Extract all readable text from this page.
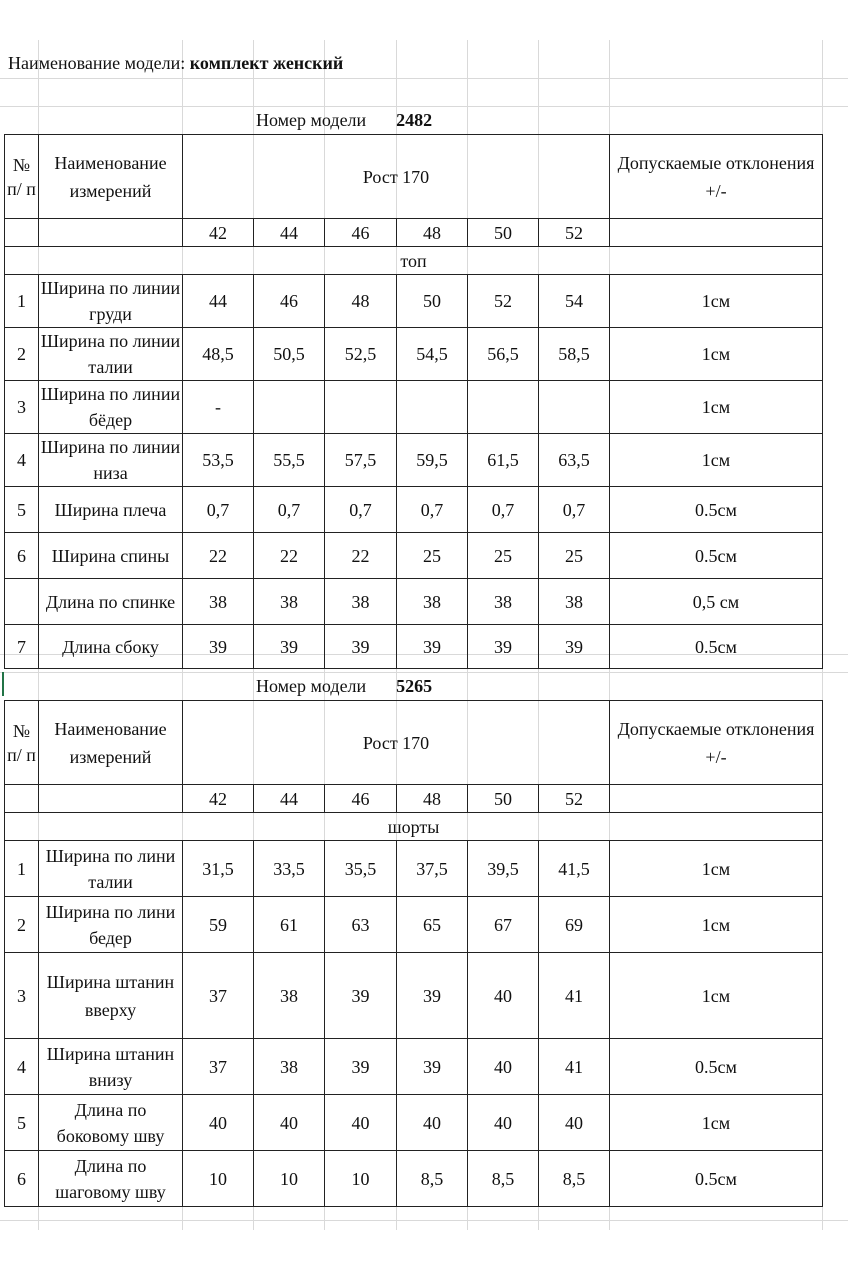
Наименование модели: комплект женский
Номер модели 2482
№ п/ п	Наименование измерений	Рост 170						Допускаемые отклонения +/-
		42	44	46	48	50	52	
топ								
1	Ширина по линии груди	44	46	48	50	52	54	1см
2	Ширина по линии талии	48,5	50,5	52,5	54,5	56,5	58,5	1см
3	Ширина по линии бёдер	-						1см
4	Ширина по линии низа	53,5	55,5	57,5	59,5	61,5	63,5	1см
5	Ширина плеча	0,7	0,7	0,7	0,7	0,7	0,7	0.5см
6	Ширина спины	22	22	22	25	25	25	0.5см
	Длина по спинке	38	38	38	38	38	38	0,5 см
7	Длина сбоку	39	39	39	39	39	39	0.5см
Номер модели 5265
№ п/ п	Наименование измерений	Рост 170						Допускаемые отклонения +/-
		42	44	46	48	50	52	
шорты								
1	Ширина по лини талии	31,5	33,5	35,5	37,5	39,5	41,5	1см
2	Ширина по лини бедер	59	61	63	65	67	69	1см
3	Ширина штанин вверху	37	38	39	39	40	41	1см
4	Ширина штанин внизу	37	38	39	39	40	41	0.5см
5	Длина по боковому шву	40	40	40	40	40	40	1см
6	Длина по шаговому шву	10	10	10	8,5	8,5	8,5	0.5см
